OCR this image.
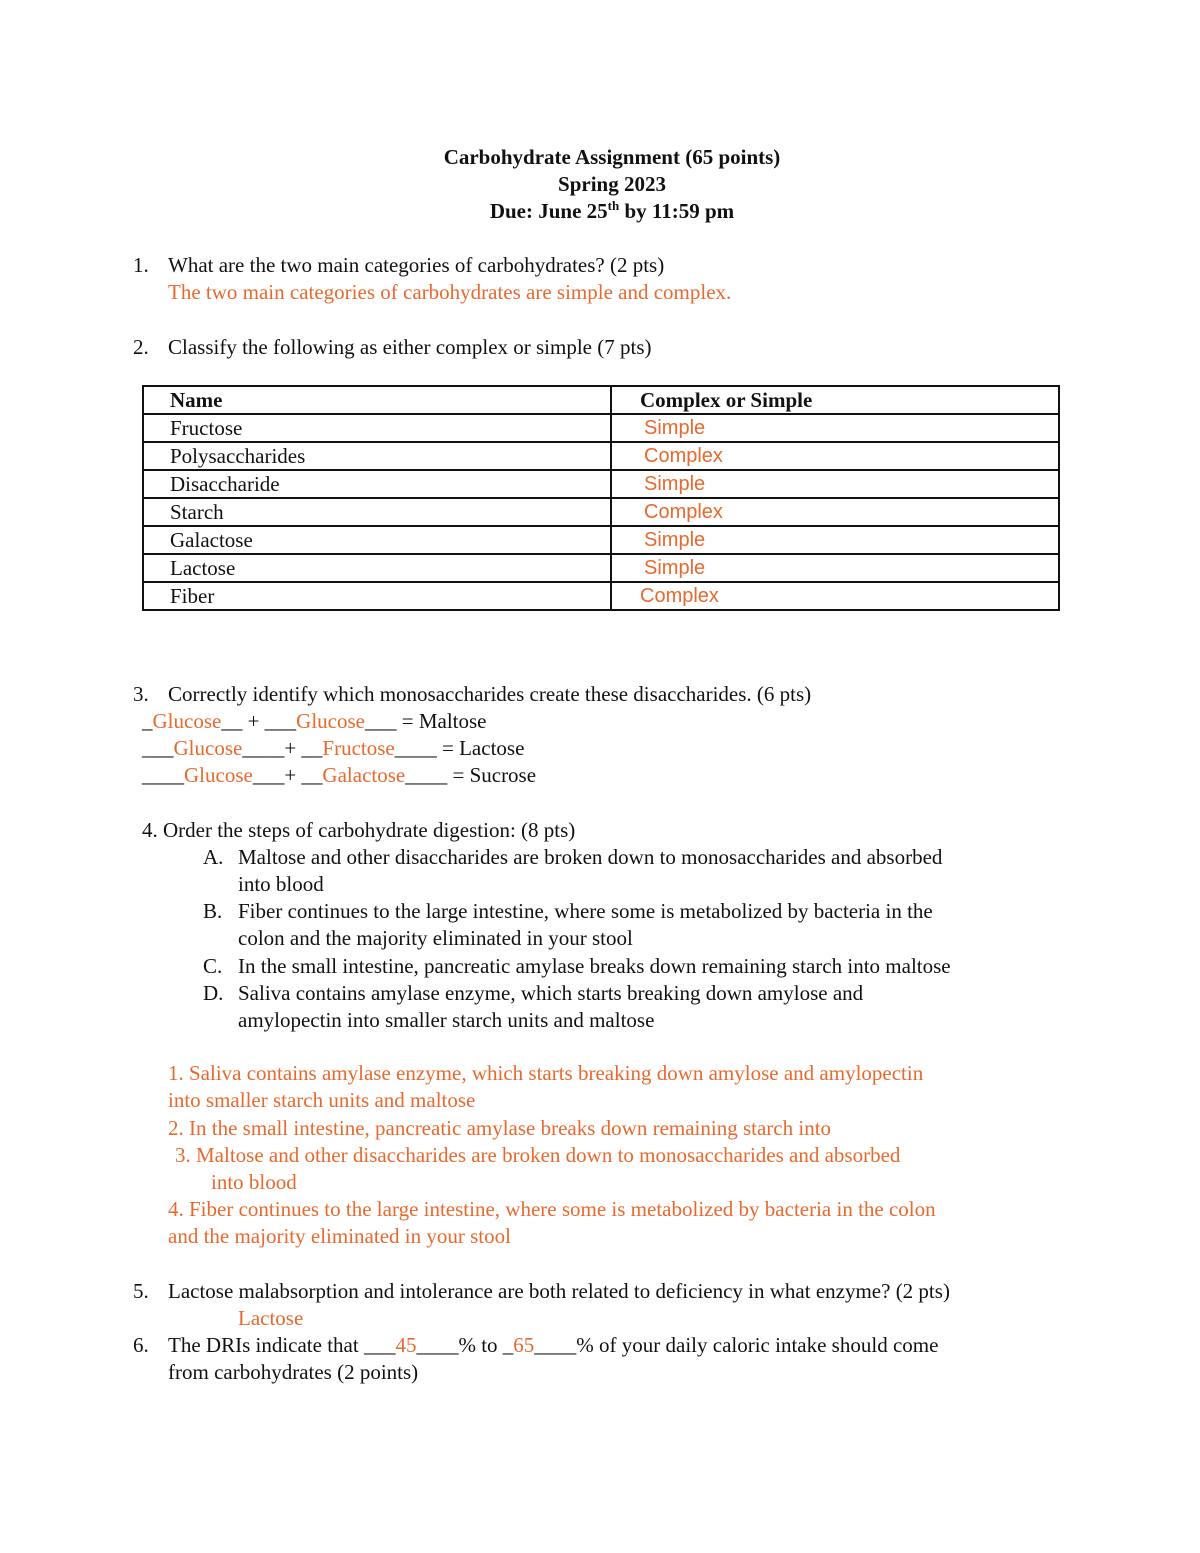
Carbohydrate Assignment (65 points)
Spring 2023
Due: June 25th by 11:59 pm
1. What are the two main categories of carbohydrates? (2 pts)
The two main categories of carbohydrates are simple and complex.
2. Classify the following as either complex or simple (7 pts)
Name	Complex or Simple
Fructose	Simple
Polysaccharides	Complex
Disaccharide	Simple
Starch	Complex
Galactose	Simple
Lactose	Simple
Fiber	Complex
3. Correctly identify which monosaccharides create these disaccharides. (6 pts)
_Glucose__ + ___Glucose___ = Maltose
___Glucose____+ __Fructose____ = Lactose
____Glucose___+ __Galactose____ = Sucrose
4. Order the steps of carbohydrate digestion: (8 pts)
A. Maltose and other disaccharides are broken down to monosaccharides and absorbed
into blood
B. Fiber continues to the large intestine, where some is metabolized by bacteria in the
colon and the majority eliminated in your stool
C. In the small intestine, pancreatic amylase breaks down remaining starch into maltose
D. Saliva contains amylase enzyme, which starts breaking down amylose and
amylopectin into smaller starch units and maltose
1. Saliva contains amylase enzyme, which starts breaking down amylose and amylopectin
into smaller starch units and maltose
2. In the small intestine, pancreatic amylase breaks down remaining starch into
3. Maltose and other disaccharides are broken down to monosaccharides and absorbed
into blood
4. Fiber continues to the large intestine, where some is metabolized by bacteria in the colon
and the majority eliminated in your stool
5. Lactose malabsorption and intolerance are both related to deficiency in what enzyme? (2 pts)
Lactose
6. The DRIs indicate that ___45____% to _65____% of your daily caloric intake should come
from carbohydrates (2 points)
